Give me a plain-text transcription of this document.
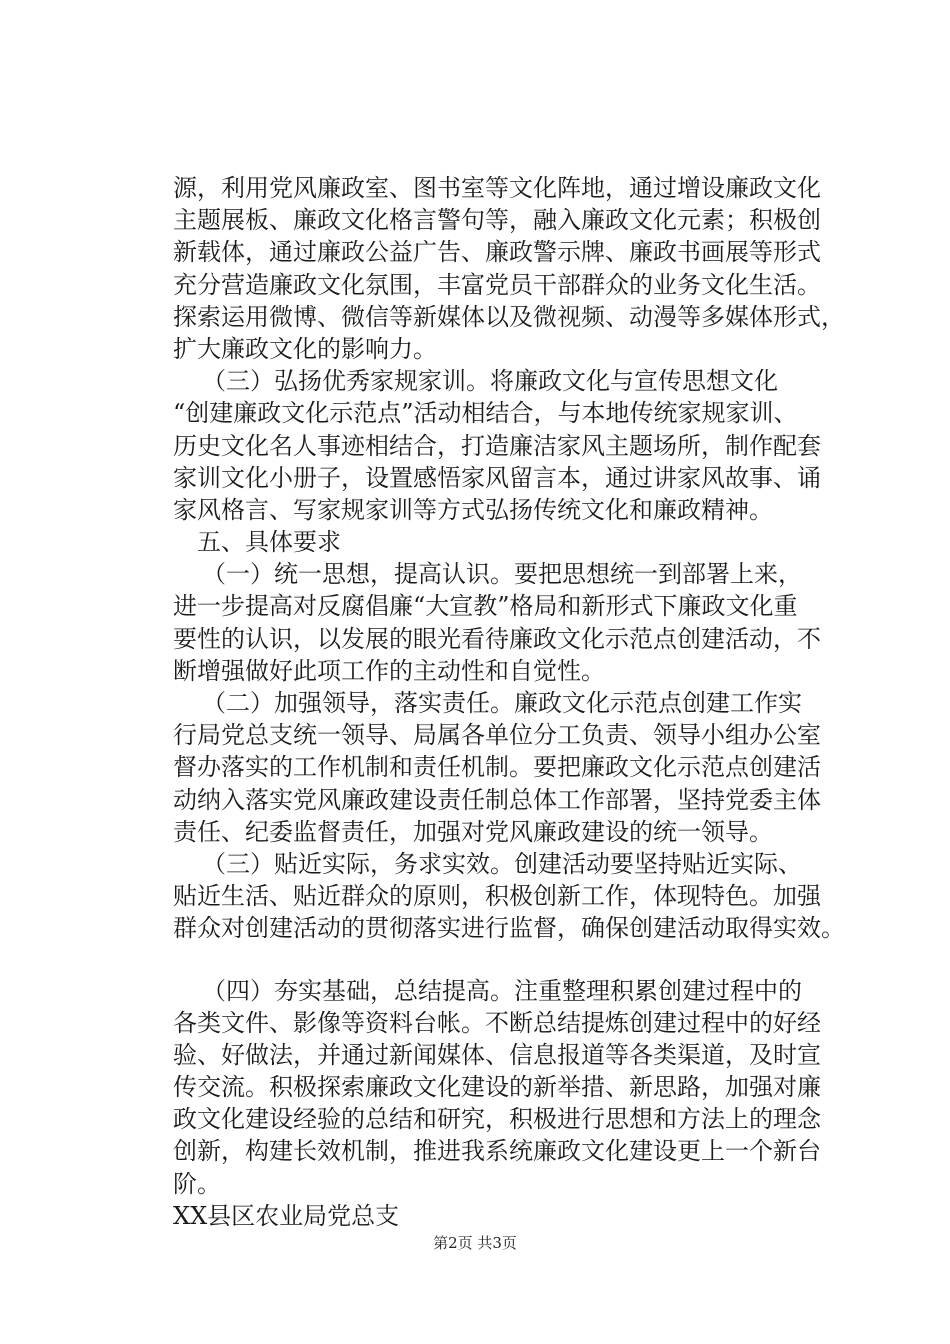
源，利用党风廉政室、图书室等文化阵地，通过增设廉政文化
主题展板、廉政文化格言警句等，融入廉政文化元素；积极创
新载体，通过廉政公益广告、廉政警示牌、廉政书画展等形式
充分营造廉政文化氛围，丰富党员干部群众的业务文化生活。
探索运用微博、微信等新媒体以及微视频、动漫等多媒体形式，
扩大廉政文化的影响力。
（三）弘扬优秀家规家训。将廉政文化与宣传思想文化
“创建廉政文化示范点”活动相结合，与本地传统家规家训、
历史文化名人事迹相结合，打造廉洁家风主题场所，制作配套
家训文化小册子，设置感悟家风留言本，通过讲家风故事、诵
家风格言、写家规家训等方式弘扬传统文化和廉政精神。
五、具体要求
（一）统一思想，提高认识。要把思想统一到部署上来，
进一步提高对反腐倡廉“大宣教”格局和新形式下廉政文化重
要性的认识，以发展的眼光看待廉政文化示范点创建活动，不
断增强做好此项工作的主动性和自觉性。
（二）加强领导，落实责任。廉政文化示范点创建工作实
行局党总支统一领导、局属各单位分工负责、领导小组办公室
督办落实的工作机制和责任机制。要把廉政文化示范点创建活
动纳入落实党风廉政建设责任制总体工作部署，坚持党委主体
责任、纪委监督责任，加强对党风廉政建设的统一领导。
（三）贴近实际，务求实效。创建活动要坚持贴近实际、
贴近生活、贴近群众的原则，积极创新工作，体现特色。加强
群众对创建活动的贯彻落实进行监督，确保创建活动取得实效。
（四）夯实基础，总结提高。注重整理积累创建过程中的
各类文件、影像等资料台帐。不断总结提炼创建过程中的好经
验、好做法，并通过新闻媒体、信息报道等各类渠道，及时宣
传交流。积极探索廉政文化建设的新举措、新思路，加强对廉
政文化建设经验的总结和研究，积极进行思想和方法上的理念
创新，构建长效机制，推进我系统廉政文化建设更上一个新台
阶。
XX县区农业局党总支
第2页 共3页
